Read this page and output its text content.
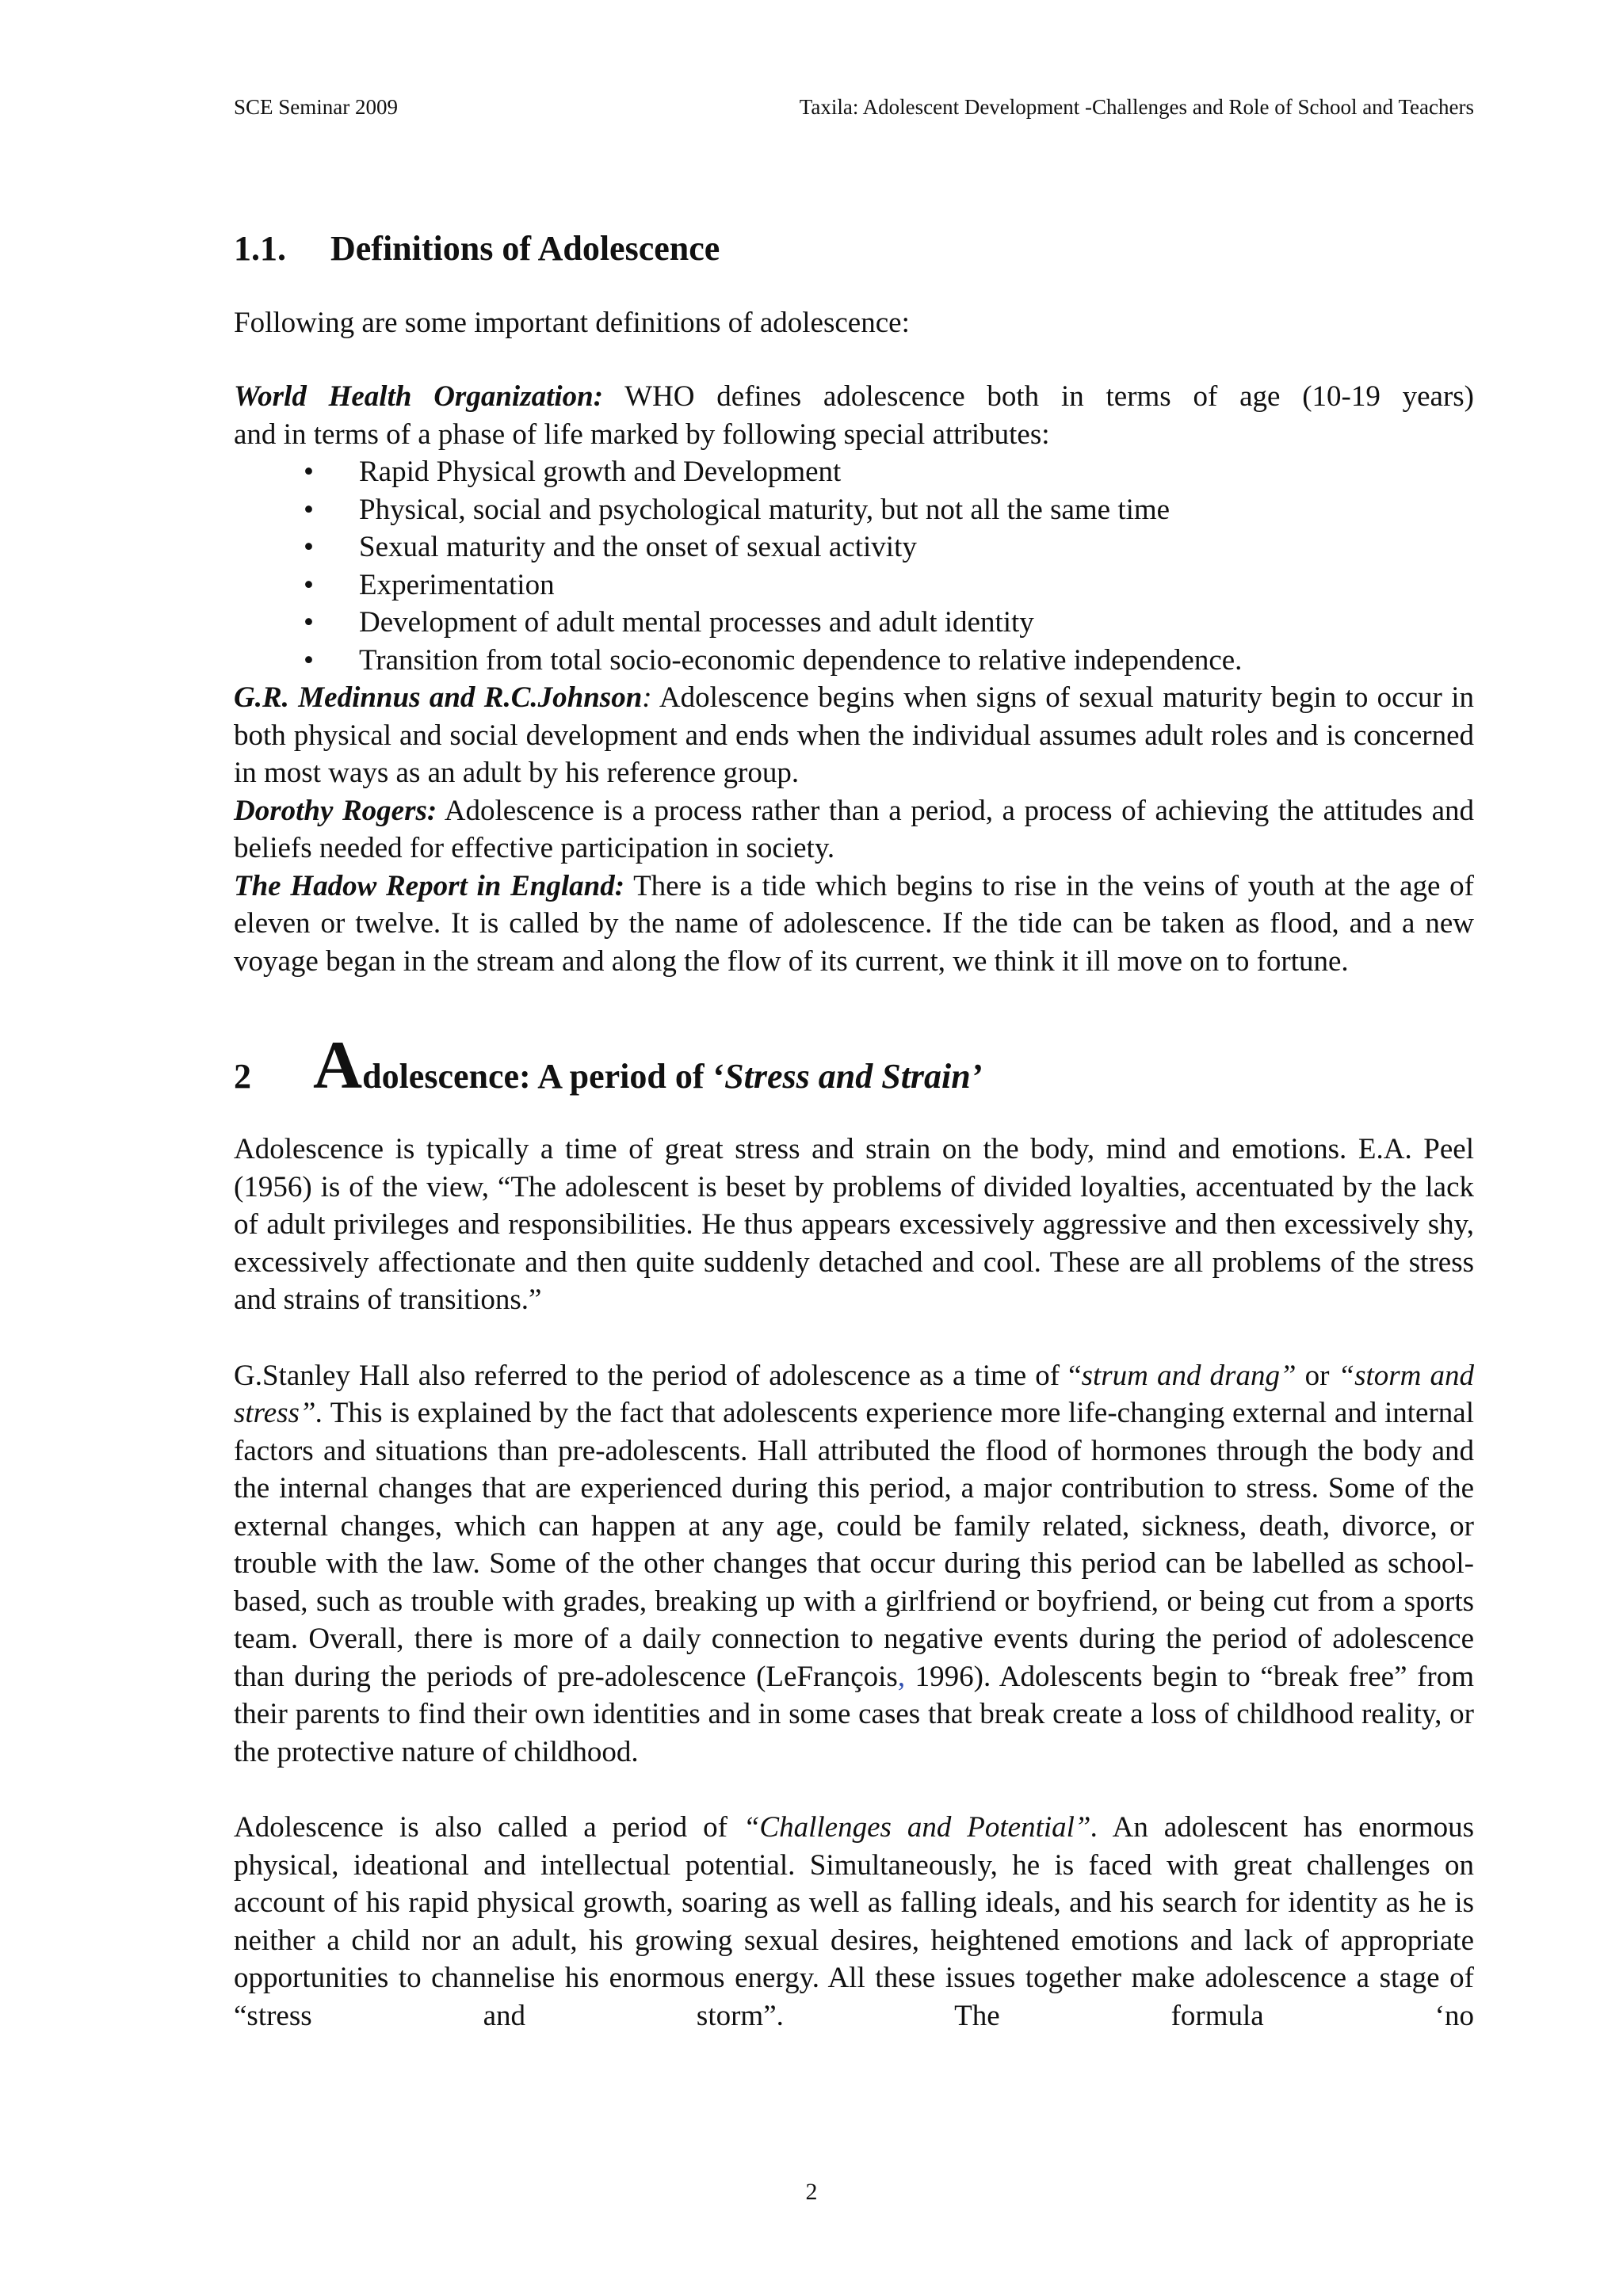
SCE Seminar 2009	Taxila: Adolescent Development -Challenges and Role of School and Teachers
1.1.	Definitions of Adolescence

Following are some important definitions of adolescence:

World Health Organization: WHO defines adolescence both in terms of age (10-19 years)

and in terms of a phase of life marked by following special attributes:

• Rapid Physical growth and Development
• Physical, social and psychological maturity, but not all the same time
• Sexual maturity and the onset of sexual activity
• Experimentation
• Development of adult mental processes and adult identity
• Transition from total socio-economic dependence to relative independence.

G.R. Medinnus and R.C.Johnson: Adolescence begins when signs of sexual maturity begin to occur in both physical and social development and ends when the individual assumes adult roles and is concerned in most ways as an adult by his reference group.

Dorothy Rogers: Adolescence is a process rather than a period, a process of achieving the attitudes and beliefs needed for effective participation in society.

The Hadow Report in England: There is a tide which begins to rise in the veins of youth at the age of eleven or twelve. It is called by the name of adolescence. If the tide can be taken as flood, and a new voyage began in the stream and along the flow of its current, we think it ill move on to fortune.

2 Adolescence: A period of ‘Stress and Strain’

Adolescence is typically a time of great stress and strain on the body, mind and emotions. E.A. Peel (1956) is of the view, “The adolescent is beset by problems of divided loyalties, accentuated by the lack of adult privileges and responsibilities. He thus appears excessively aggressive and then excessively shy, excessively affectionate and then quite suddenly detached and cool. These are all problems of the stress and strains of transitions.”

G.Stanley Hall also referred to the period of adolescence as a time of “strum and drang” or “storm and stress”. This is explained by the fact that adolescents experience more life-changing external and internal factors and situations than pre-adolescents. Hall attributed the flood of hormones through the body and the internal changes that are experienced during this period, a major contribution to stress. Some of the external changes, which can happen at any age, could be family related, sickness, death, divorce, or trouble with the law. Some of the other changes that occur during this period can be labelled as school-based, such as trouble with grades, breaking up with a girlfriend or boyfriend, or being cut from a sports team. Overall, there is more of a daily connection to negative events during the period of adolescence than during the periods of pre-adolescence (LeFrançois, 1996). Adolescents begin to “break free” from their parents to find their own identities and in some cases that break create a loss of childhood reality, or the protective nature of childhood.

Adolescence is also called a period of “Challenges and Potential”. An adolescent has enormous physical, ideational and intellectual potential. Simultaneously, he is faced with great challenges on account of his rapid physical growth, soaring as well as falling ideals, and his search for identity as he is neither a child nor an adult, his growing sexual desires, heightened emotions and lack of appropriate opportunities to channelise his enormous energy. All these issues together make adolescence a stage of “stress and storm”. The formula ‘no

2
